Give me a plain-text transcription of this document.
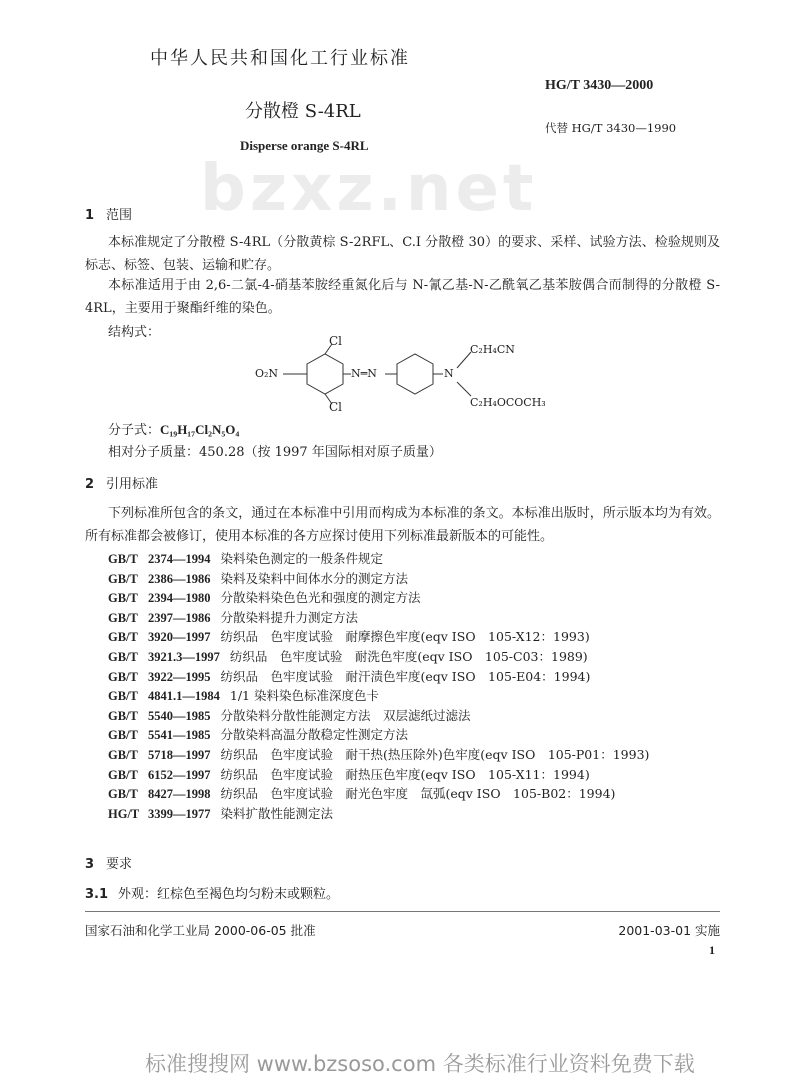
bzxz.net
中华人民共和国化工行业标准
HG/T 3430—2000
分散橙 S-4RL
代替 HG/T 3430—1990
Disperse orange S-4RL
1 范围
本标准规定了分散橙 S-4RL（分散黄棕 S-2RFL、C.I 分散橙 30）的要求、采样、试验方法、检验规则及标志、标签、包装、运输和贮存。
本标准适用于由 2,6-二氯-4-硝基苯胺经重氮化后与 N-氰乙基-N-乙酰氧乙基苯胺偶合而制得的分散橙 S-4RL，主要用于聚酯纤维的染色。
结构式：
Cl
Cl
O₂N	N═N	N
C₂H₄CN
C₂H₄OCOCH₃
分子式：C₁₉H₁₇Cl₂N₅O₄
相对分子质量：450.28（按 1997 年国际相对原子质量）
2 引用标准
下列标准所包含的条文，通过在本标准中引用而构成为本标准的条文。本标准出版时，所示版本均为有效。所有标准都会被修订，使用本标准的各方应探讨使用下列标准最新版本的可能性。
GB/T 2374—1994 染料染色测定的一般条件规定
GB/T 2386—1986 染料及染料中间体水分的测定方法
GB/T 2394—1980 分散染料染色色光和强度的测定方法
GB/T 2397—1986 分散染料提升力测定方法
GB/T 3920—1997 纺织品　色牢度试验　耐摩擦色牢度(eqv ISO　105-X12：1993)
GB/T 3921.3—1997 纺织品　色牢度试验　耐洗色牢度(eqv ISO　105-C03：1989)
GB/T 3922—1995 纺织品　色牢度试验　耐汗渍色牢度(eqv ISO　105-E04：1994)
GB/T 4841.1—1984 1/1 染料染色标准深度色卡
GB/T 5540—1985 分散染料分散性能测定方法　双层滤纸过滤法
GB/T 5541—1985 分散染料高温分散稳定性测定方法
GB/T 5718—1997 纺织品　色牢度试验　耐干热(热压除外)色牢度(eqv ISO　105-P01：1993)
GB/T 6152—1997 纺织品　色牢度试验　耐热压色牢度(eqv ISO　105-X11：1994)
GB/T 8427—1998 纺织品　色牢度试验　耐光色牢度　氙弧(eqv ISO　105-B02：1994)
HG/T 3399—1977 染料扩散性能测定法
3 要求
3.1 外观：红棕色至褐色均匀粉末或颗粒。
国家石油和化学工业局 2000-06-05 批准	2001-03-01 实施
1
标准搜搜网 www.bzsoso.com 各类标准行业资料免费下载
